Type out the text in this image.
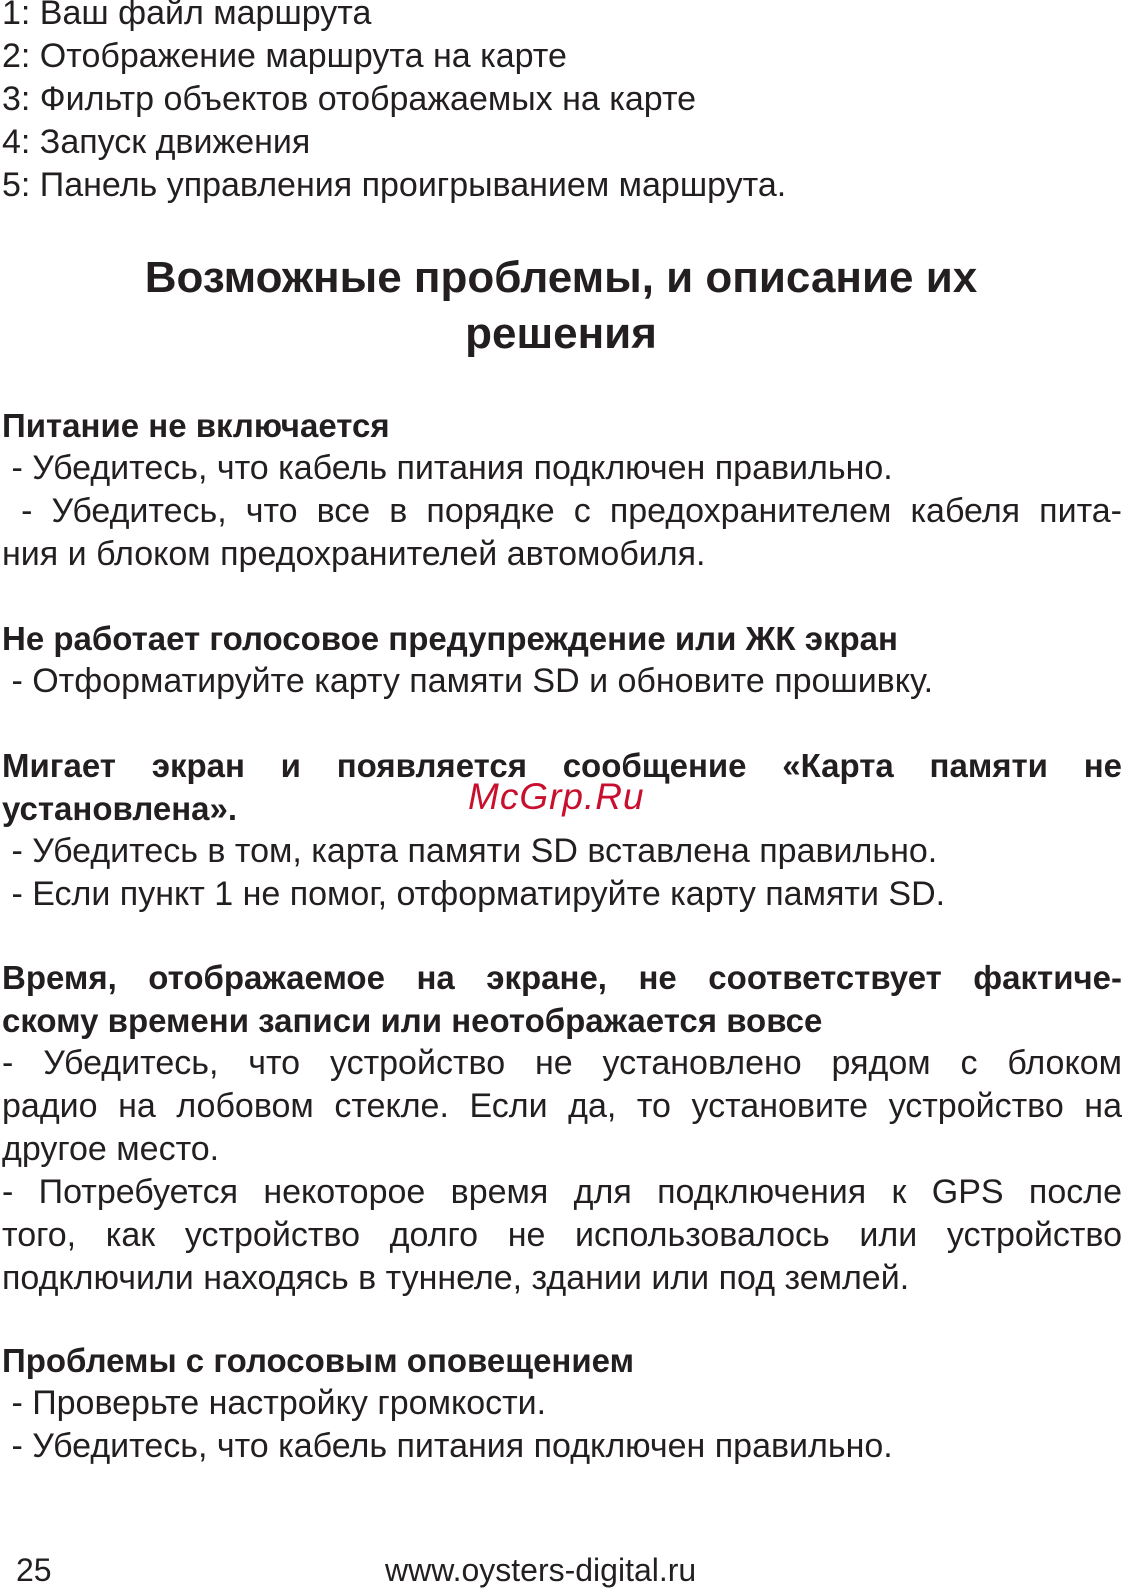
1: Ваш файл маршрута
2: Отображение маршрута на карте
3: Фильтр объектов отображаемых на карте
4: Запуск движения
5: Панель управления проигрыванием маршрута.
Возможные проблемы, и описание их
решения
Питание не включается
- Убедитесь, что кабель питания подключен правильно.
- Убедитесь, что все в порядке с предохранителем кабеля пита-
ния и блоком предохранителей автомобиля.
Не работает голосовое предупреждение или ЖК экран
- Отформатируйте карту памяти SD и обновите прошивку.
Мигает экран и появляется сообщение «Карта памяти не
установлена».
- Убедитесь в том, карта памяти SD вставлена правильно.
- Если пункт 1 не помог, отформатируйте карту памяти SD.
Время, отображаемое на экране, не соответствует фактиче-
скому времени записи или неотображается вовсе
- Убедитесь, что устройство не установлено рядом с блоком
радио на лобовом стекле. Если да, то установите устройство на
другое место.
- Потребуется некоторое время для подключения к GPS после
того, как устройство долго не использовалось или устройство
подключили находясь в туннеле, здании или под землей.
Проблемы с голосовым оповещением
- Проверьте настройку громкости.
- Убедитесь, что кабель питания подключен правильно.
McGrp.Ru
25	www.oysters-digital.ru
